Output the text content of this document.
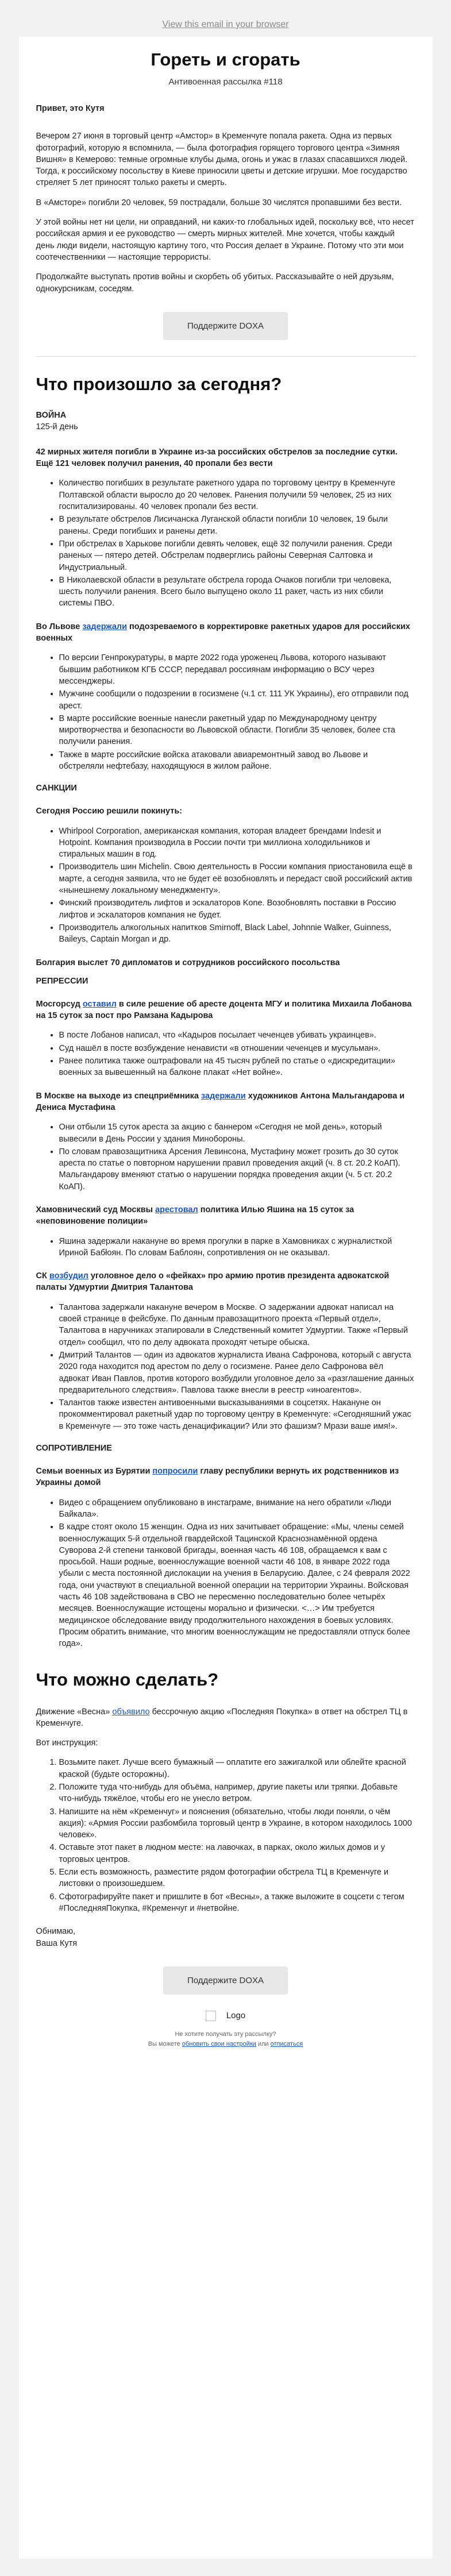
View this email in your browser
Гореть и сгорать
Антивоенная рассылка #118

Привет, это Кутя

Вечером 27 июня в торговый центр «Амстор» в Кременчуге попала ракета. Одна из первых фотографий, которую я вспомнила, — была фотография горящего торгового центра «Зимняя Вишня» в Кемерово: темные огромные клубы дыма, огонь и ужас в глазах спасавшихся людей. Тогда, к российскому посольству в Киеве приносили цветы и детские игрушки. Мое государство стреляет 5 лет приносят только ракеты и смерть.

В «Амсторе» погибли 20 человек, 59 пострадали, больше 30 числятся пропавшими без вести.

У этой войны нет ни цели, ни оправданий, ни каких-то глобальных идей, поскольку всё, что несет российская армия и ее руководство — смерть мирных жителей. Мне хочется, чтобы каждый день люди видели, настоящую картину того, что Россия делает в Украине. Потому что эти мои соотечественники — настоящие террористы.

Продолжайте выступать против войны и скорбеть об убитых. Рассказывайте о ней друзьям, однокурсникам, соседям.

Поддержите DOXA
Что произошло за сегодня?
ВОЙНА
125-й день

42 мирных жителя погибли в Украине из-за российских обстрелов за последние сутки. Ещё 121 человек получил ранения, 40 пропали без вести

• Количество погибших в результате ракетного удара по торговому центру в Кременчуге Полтавской области выросло до 20 человек. Ранения получили 59 человек, 25 из них госпитализированы. 40 человек пропали без вести.
• В результате обстрелов Лисичанска Луганской области погибли 10 человек, 19 были ранены. Среди погибших и ранены дети.
• При обстрелах в Харькове погибли девять человек, ещё 32 получили ранения. Среди раненых — пятеро детей. Обстрелам подверглись районы Северная Салтовка и Индустриальный.
• В Николаевской области в результате обстрела города Очаков погибли три человека, шесть получили ранения. Всего было выпущено около 11 ракет, часть из них сбили системы ПВО.

Во Львове задержали подозреваемого в корректировке ракетных ударов для российских военных

• По версии Генпрокуратуры, в марте 2022 года уроженец Львова, которого называют бывшим работником КГБ СССР, передавал россиянам информацию о ВСУ через мессенджеры.
• Мужчине сообщили о подозрении в госизмене (ч.1 ст. 111 УК Украины), его отправили под арест.
• В марте российские военные нанесли ракетный удар по Международному центру миротворчества и безопасности во Львовской области. Погибли 35 человек, более ста получили ранения.
• Также в марте российские войска атаковали авиаремонтный завод во Львове и обстреляли нефтебазу, находящуюся в жилом районе.
САНКЦИИ

Сегодня Россию решили покинуть:

• Whirlpool Corporation, американская компания, которая владеет брендами Indesit и Hotpoint. Компания производила в России почти три миллиона холодильников и стиральных машин в год.
• Производитель шин Michelin. Свою деятельность в России компания приостановила ещё в марте, а сегодня заявила, что не будет её возобновлять и передаст свой российский актив «нынешнему локальному менеджменту».
• Финский производитель лифтов и эскалаторов Kone. Возобновлять поставки в Россию лифтов и эскалаторов компания не будет.
• Производитель алкогольных напитков Smirnoff, Black Label, Johnnie Walker, Guinness, Baileys, Captain Morgan и др.

Болгария выслет 70 дипломатов и сотрудников российского посольства

РЕПРЕССИИ

Мосгорсуд оставил в силе решение об аресте доцента МГУ и политика Михаила Лобанова на 15 суток за пост про Рамзана Кадырова

• В посте Лобанов написал, что «Кадыров посылает чеченцев убивать украинцев».
• Суд нашёл в посте возбуждение ненависти «в отношении чеченцев и мусульман».
• Ранее политика также оштрафовали на 45 тысяч рублей по статье о «дискредитации» военных за вывешенный на балконе плакат «Нет войне».

В Москве на выходе из спецприёмника задержали художников Антона Мальгандарова и Дениса Мустафина

• Они отбыли 15 суток ареста за акцию с баннером «Сегодня не мой день», который вывесили в День России у здания Минобороны.
• По словам правозащитника Арсения Левинсона, Мустафину может грозить до 30 суток ареста по статье о повторном нарушении правил проведения акций (ч. 8 ст. 20.2 КоАП). Мальгандарову вменяют статью о нарушении порядка проведения акции (ч. 5 ст. 20.2 КоАП).

Хамовнический суд Москвы арестовал политика Илью Яшина на 15 суток за «неповиновение полиции»

• Яшина задержали накануне во время прогулки в парке в Хамовниках с журналисткой Ириной Бабłоян. По словам Баблоян, сопротивления он не оказывал.

СК возбудил уголовное дело о «фейках» про армию против президента адвокатской палаты Удмуртии Дмитрия Талантова

• Талантова задержали накануне вечером в Москве. О задержании адвокат написал на своей странице в фейсбуке. По данным правозащитного проекта «Первый отдел», Талантова в наручниках этапировали в Следственный комитет Удмуртии. Также «Первый отдел» сообщил, что по делу адвоката проходят четыре обыска.
• Дмитрий Талантов — один из адвокатов журналиста Ивана Сафронова, который с августа 2020 года находится под арестом по делу о госизмене. Ранее дело Сафронова вёл адвокат Иван Павлов, против которого возбудили уголовное дело за «разглашение данных предварительного следствия». Павлова также внесли в реестр «иноагентов».
• Талантов также известен антивоенными высказываниями в соцсетях. Накануне он прокомментировал ракетный удар по торговому центру в Кременчуге: «Сегодняшний ужас в Кременчуге — это тоже часть денацификации? Или это фашизм? Мрази ваше имя!».
СОПРОТИВЛЕНИЕ

Семьи военных из Бурятии попросили главу республики вернуть их родственников из Украины домой

• Видео с обращением опубликовано в инстаграме, внимание на него обратили «Люди Байкала».
• В кадре стоят около 15 женщин. Одна из них зачитывает обращение: «Мы, члены семей военнослужащих 5-й отдельной гвардейской Тацинской Краснознамённой ордена Суворова 2-й степени танковой бригады, военная часть 46 108, обращаемся к вам с просьбой. Наши родные, военнослужащие военной части 46 108, в январе 2022 года убыли с места постоянной дислокации на учения в Беларусию. Далее, с 24 февраля 2022 года, они участвуют в специальной военной операции на территории Украины. Войсковая часть 46 108 задействована в СВО не пересменно последовательно более четырёх месяцев. Военнослужащие истощены морально и физически. <…> Им требуется медицинское обследование ввиду продолжительного нахождения в боевых условиях. Просим обратить внимание, что многим военнослужащим не предоставляли отпуск более года».
Что можно сделать?

Движение «Весна» объявило бессрочную акцию «Последняя Покупка» в ответ на обстрел ТЦ в Кременчуге.

Вот инструкция:

1. Возьмите пакет. Лучше всего бумажный — оплатите его зажигалкой или облейте красной краской (будьте осторожны).
2. Положите туда что-нибудь для объёма, например, другие пакеты или тряпки. Добавьте что-нибудь тяжёлое, чтобы его не унесло ветром.
3. Напишите на нём «Кременчуг» и пояснения (обязательно, чтобы люди поняли, о чём акция): «Армия России разбомбила торговый центр в Украине, в котором находилось 1000 человек».
4. Оставьте этот пакет в людном месте: на лавочках, в парках, около жилых домов и у торговых центров.
5. Если есть возможность, разместите рядом фотографии обстрела ТЦ в Кременчуге и листовки о произошедшем.
6. Сфотографируйте пакет и пришлите в бот «Весны», а также выложите в соцсети с тегом #ПоследняяПокупка, #Кременчуг и #нетвойне.

Обнимаю,

Ваша Кутя

Поддержите DOXA
Logo

Не хотите получать эту рассылку?

Вы можете обновить свои настройки или отписаться
